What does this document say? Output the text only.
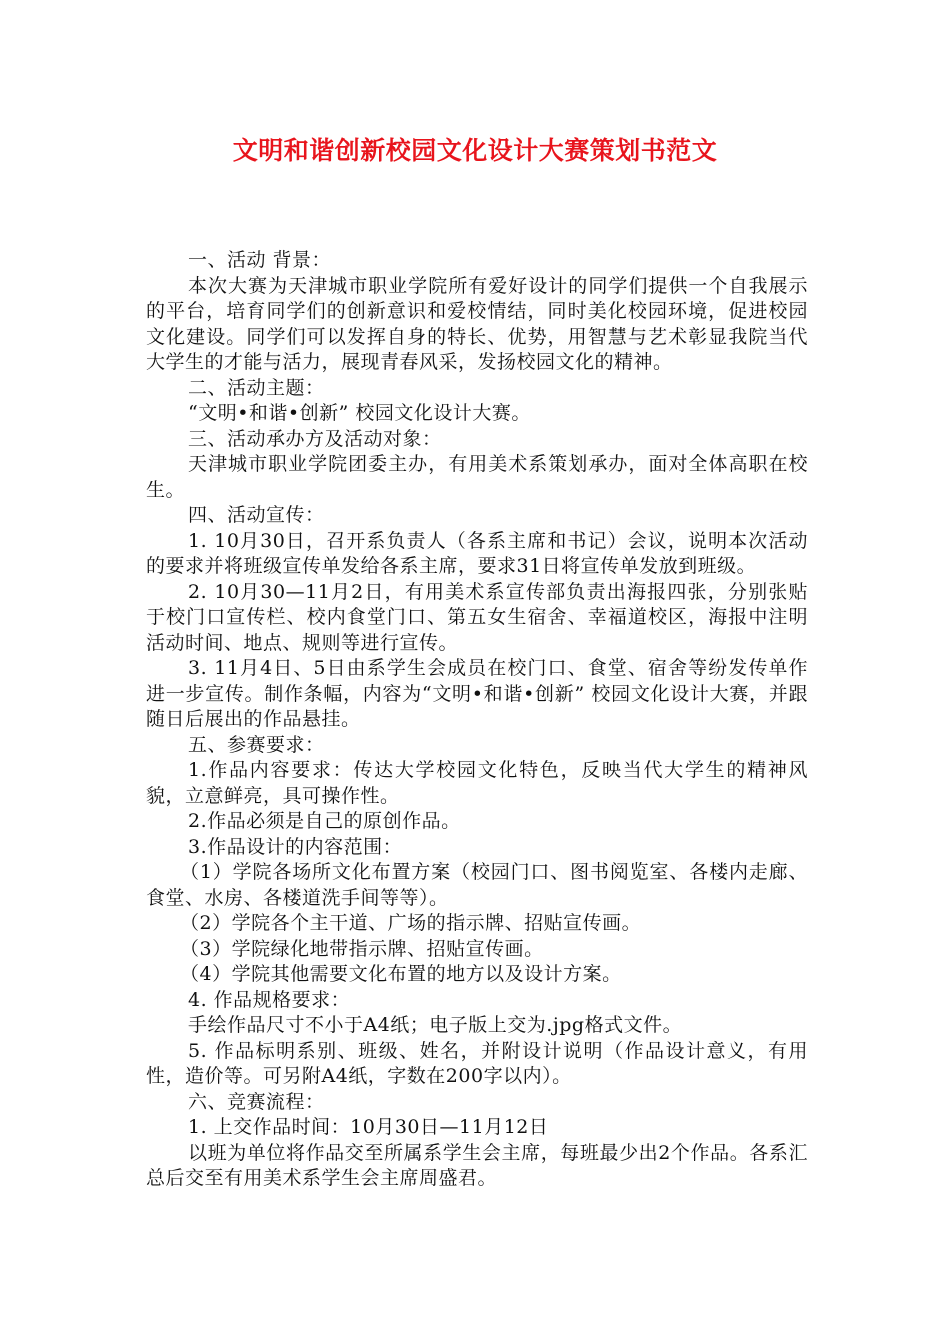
文明和谐创新校园文化设计大赛策划书范文

一、活动 背景：

本次大赛为天津城市职业学院所有爱好设计的同学们提供一个自我展示的平台，培育同学们的创新意识和爱校情结，同时美化校园环境，促进校园文化建设。同学们可以发挥自身的特长、优势，用智慧与艺术彰显我院当代大学生的才能与活力，展现青春风采，发扬校园文化的精神。

二、活动主题：

“文明•和谐•创新” 校园文化设计大赛。

三、活动承办方及活动对象：

天津城市职业学院团委主办，有用美术系策划承办，面对全体高职在校生。

四、活动宣传：

1. 10月30日，召开系负责人（各系主席和书记）会议，说明本次活动的要求并将班级宣传单发给各系主席，要求31日将宣传单发放到班级。

2. 10月30—11月2日，有用美术系宣传部负责出海报四张，分别张贴于校门口宣传栏、校内食堂门口、第五女生宿舍、幸福道校区，海报中注明活动时间、地点、规则等进行宣传。

3. 11月4日、5日由系学生会成员在校门口、食堂、宿舍等纷发传单作进一步宣传。制作条幅，内容为“文明•和谐•创新” 校园文化设计大赛，并跟随日后展出的作品悬挂。

五、参赛要求：

1.作品内容要求：传达大学校园文化特色，反映当代大学生的精神风貌，立意鲜亮，具可操作性。

2.作品必须是自己的原创作品。

3.作品设计的内容范围：

（1）学院各场所文化布置方案（校园门口、图书阅览室、各楼内走廊、食堂、水房、各楼道洗手间等等）。

（2）学院各个主干道、广场的指示牌、招贴宣传画。

（3）学院绿化地带指示牌、招贴宣传画。

（4）学院其他需要文化布置的地方以及设计方案。

4. 作品规格要求：

手绘作品尺寸不小于A4纸；电子版上交为.jpg格式文件。

5. 作品标明系别、班级、姓名，并附设计说明（作品设计意义，有用性，造价等。可另附A4纸，字数在200字以内）。

六、竞赛流程：

1. 上交作品时间：10月30日—11月12日

以班为单位将作品交至所属系学生会主席，每班最少出2个作品。各系汇总后交至有用美术系学生会主席周盛君。
